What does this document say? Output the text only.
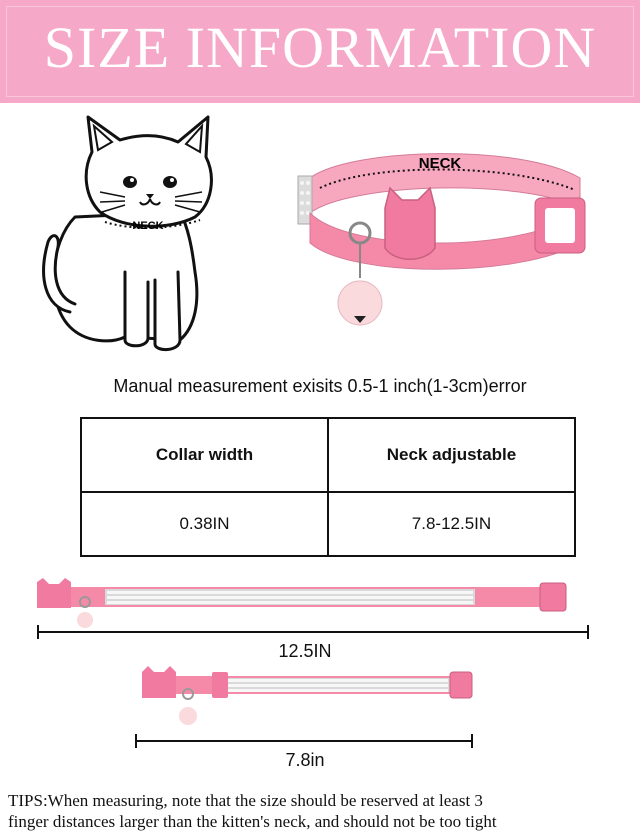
SIZE INFORMATION
NECK
NECK
Manual measurement exisits 0.5-1 inch(1-3cm)error
Collar width	Neck adjustable
0.38IN	7.8-12.5IN
12.5IN
7.8in
TIPS:When measuring, note that the size should be reserved at least 3
finger distances larger than the kitten's neck, and should not be too tight
